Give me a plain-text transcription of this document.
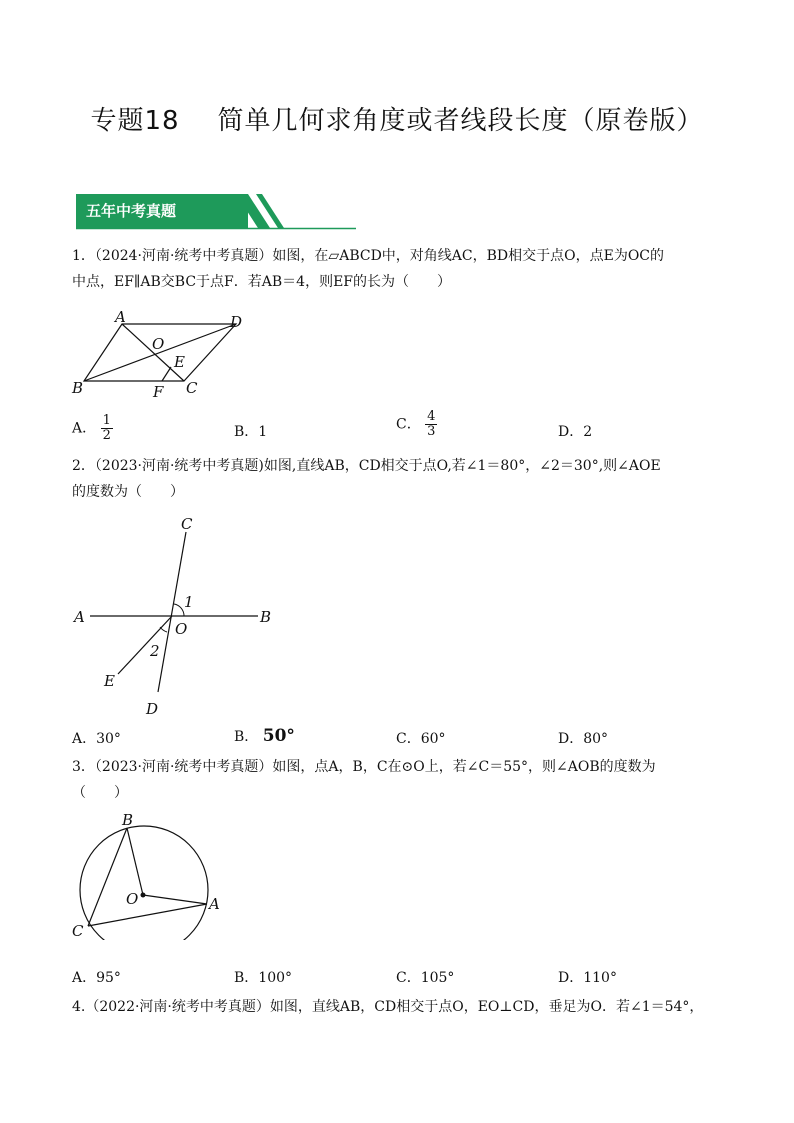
专题18 简单几何求角度或者线段长度（原卷版）
五年中考真题
1．（2024·河南·统考中考真题）如图，在▱ABCD中，对角线AC，BD相交于点O，点E为OC的
中点，EF∥AB交BC于点F．若AB＝4，则EF的长为（　　）
A	D
B	C
O
E
F
A． $\frac{1}{2}$	B．1	C． $\frac{4}{3}$	D．2
2．（2023·河南·统考中考真题)如图,直线AB，CD相交于点O,若∠1＝80°，∠2＝30°,则∠AOE
的度数为（　　）
C
A	B
O
1
2
E
D
A．30°	B． 50°	C．60°	D．80°
3．（2023·河南·统考中考真题）如图，点A，B，C在⊙O上，若∠C＝55°，则∠AOB的度数为
（　　）
B
O	A
C
A．95°	B．100°	C．105°	D．110°
4.（2022·河南·统考中考真题）如图，直线AB，CD相交于点O，EO⊥CD，垂足为O．若∠1＝54°，
